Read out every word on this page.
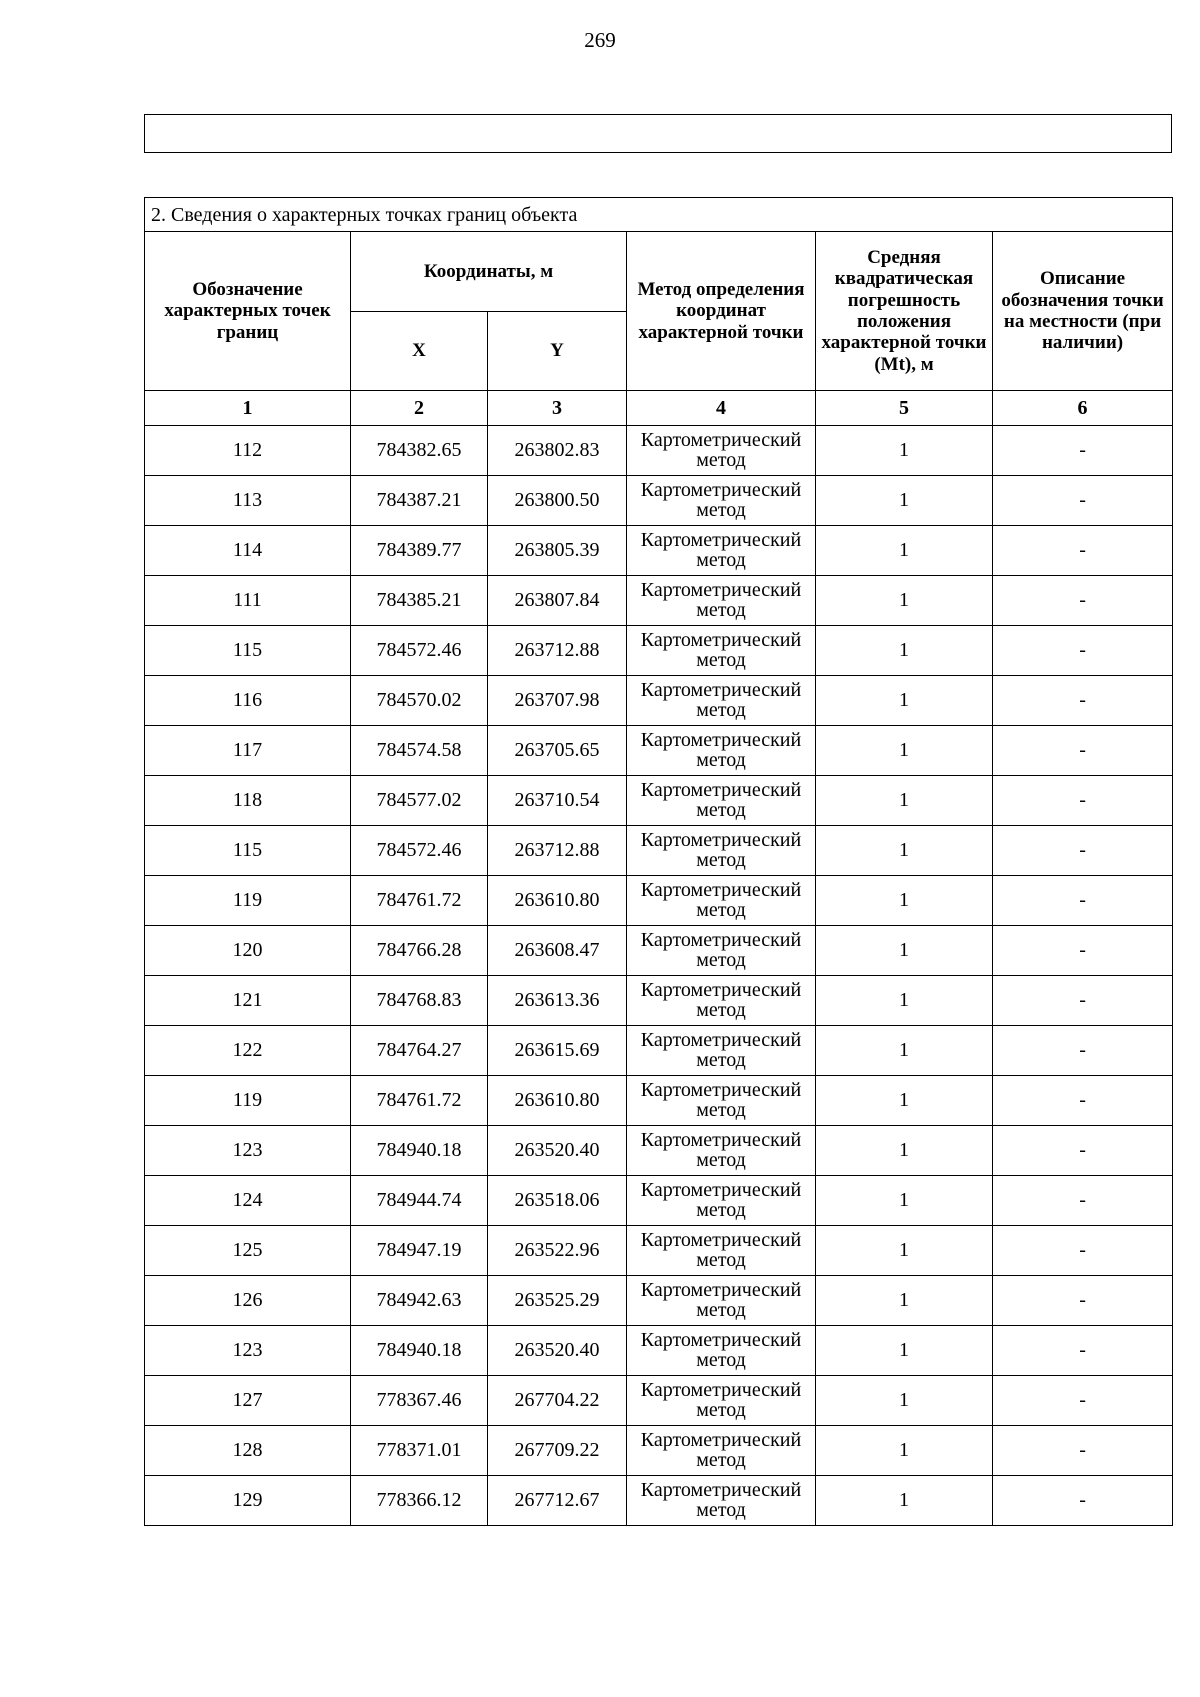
269
2. Сведения о характерных точках границ объекта					
Обозначение характерных точек границ	Координаты, м		Метод определения координат характерной точки	Средняя квадратическая погрешность положения характерной точки (Mt), м	Описание обозначения точки на местности (при наличии)
	X	Y			
1	2	3	4	5	6
112	784382.65	263802.83	Картометрический метод	1	-
113	784387.21	263800.50	Картометрический метод	1	-
114	784389.77	263805.39	Картометрический метод	1	-
111	784385.21	263807.84	Картометрический метод	1	-
115	784572.46	263712.88	Картометрический метод	1	-
116	784570.02	263707.98	Картометрический метод	1	-
117	784574.58	263705.65	Картометрический метод	1	-
118	784577.02	263710.54	Картометрический метод	1	-
115	784572.46	263712.88	Картометрический метод	1	-
119	784761.72	263610.80	Картометрический метод	1	-
120	784766.28	263608.47	Картометрический метод	1	-
121	784768.83	263613.36	Картометрический метод	1	-
122	784764.27	263615.69	Картометрический метод	1	-
119	784761.72	263610.80	Картометрический метод	1	-
123	784940.18	263520.40	Картометрический метод	1	-
124	784944.74	263518.06	Картометрический метод	1	-
125	784947.19	263522.96	Картометрический метод	1	-
126	784942.63	263525.29	Картометрический метод	1	-
123	784940.18	263520.40	Картометрический метод	1	-
127	778367.46	267704.22	Картометрический метод	1	-
128	778371.01	267709.22	Картометрический метод	1	-
129	778366.12	267712.67	Картометрический метод	1	-
